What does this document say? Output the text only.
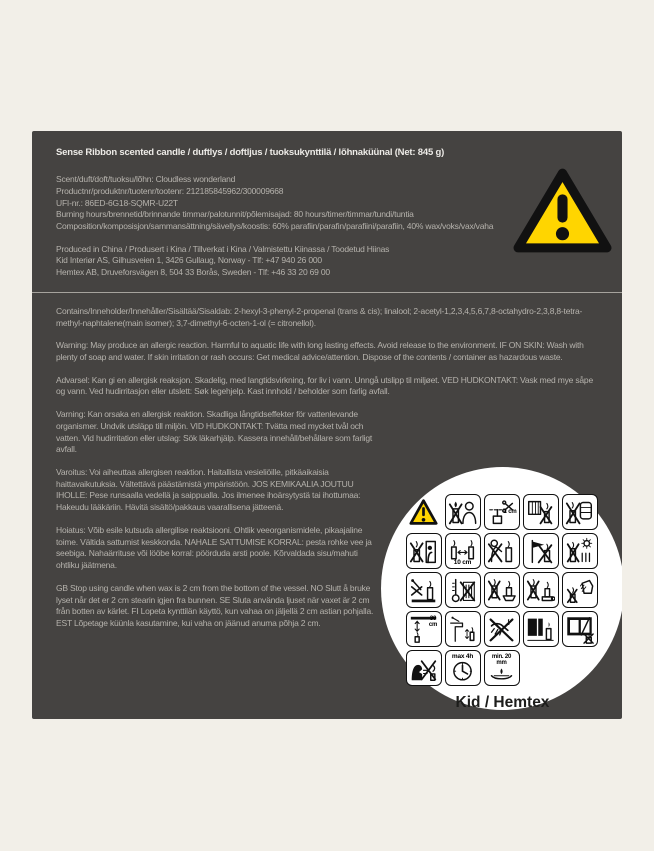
Sense Ribbon scented candle / duftlys / doftljus / tuoksukynttilä / lõhnaküünal (Net: 845 g)
Scent/duft/doft/tuoksu/lõhn: Cloudless wonderland
Productnr/produktnr/tuotenr/tootenr: 212185845962/300009668
UFI-nr.: 86ED-6G18-SQMR-U22T
Burning hours/brennetid/brinnande timmar/palotunnit/põlemisajad: 80 hours/timer/timmar/tundi/tuntia
Composition/komposisjon/sammansättning/sävellys/koostis: 60% parafiin/parafin/parafiini/parafiin, 40% wax/voks/vax/vaha
Produced in China / Produsert i Kina / Tillverkat i Kina / Valmistettu Kiinassa / Toodetud Hiinas
Kid Interiør AS, Gilhusveien 1, 3426 Gullaug, Norway - Tlf: +47 940 26 000
Hemtex AB, Druveforsvägen 8, 504 33 Borås, Sweden - Tlf: +46 33 20 69 00

Contains/Inneholder/Innehåller/Sisältää/Sisaldab: 2-hexyl-3-phenyl-2-propenal (trans & cis); linalool; 2-acetyl-1,2,3,4,5,6,7,8-octahydro-2,3,8,8-tetra-methyl-naphtalene(main isomer); 3,7-dimethyl-6-octen-1-ol (= citronellol).

Warning: May produce an allergic reaction. Harmful to aquatic life with long lasting effects. Avoid release to the environment. IF ON SKIN: Wash with plenty of soap and water. If skin irritation or rash occurs: Get medical advice/attention. Dispose of the contents / container as hazardous waste.

Advarsel: Kan gi en allergisk reaksjon. Skadelig, med langtidsvirkning, for liv i vann. Unngå utslipp til miljøet. VED HUDKONTAKT: Vask med mye såpe og vann. Ved hudirritasjon eller utslett: Søk legehjelp. Kast innhold / beholder som farlig avfall.

Varning: Kan orsaka en allergisk reaktion. Skadliga långtidseffekter för vattenlevande organismer. Undvik utsläpp till miljön. VID HUDKONTAKT: Tvätta med mycket tvål och vatten. Vid hudirritation eller utslag: Sök läkarhjälp. Kassera innehåll/behållare som farligt avfall.

Varoitus: Voi aiheuttaa allergisen reaktion. Haitallista vesieliöille, pitkäaikaisia haittavaikutuksia. Vältettävä päästämistä ympäristöön. JOS KEMIKAALIA JOUTUU IHOLLE: Pese runsaalla vedellä ja saippualla. Jos ilmenee ihoärsytystä tai ihottumaa: Hakeudu lääkäriin. Hävitä sisältö/pakkaus vaarallisena jätteenä.

Hoiatus: Võib esile kutsuda allergilise reaktsiooni. Ohtlik veeorganismidele, pikaajaline toime. Vältida sattumist keskkonda. NAHALE SATTUMISE KORRAL: pesta rohke vee ja seebiga. Nahaärrituse või lööbe korral: pöörduda arsti poole. Kõrvaldada sisu/mahuti ohtliku jäätmena.

GB Stop using candle when wax is 2 cm from the bottom of the vessel. NO Slutt å bruke lyset når det er 2 cm stearin igjen fra bunnen. SE Sluta använda ljuset när vaxet är 2 cm från botten av kärlet. FI Lopeta kynttilän käyttö, kun vahaa on jäljellä 2 cm astian pohjalla. EST Lõpetage küünla kasutamine, kui vaha on jäänud anuma põhja 2 cm.

1 cm
10 cm
30 cm
max 4h	min. 20 mm
Kid / Hemtex
